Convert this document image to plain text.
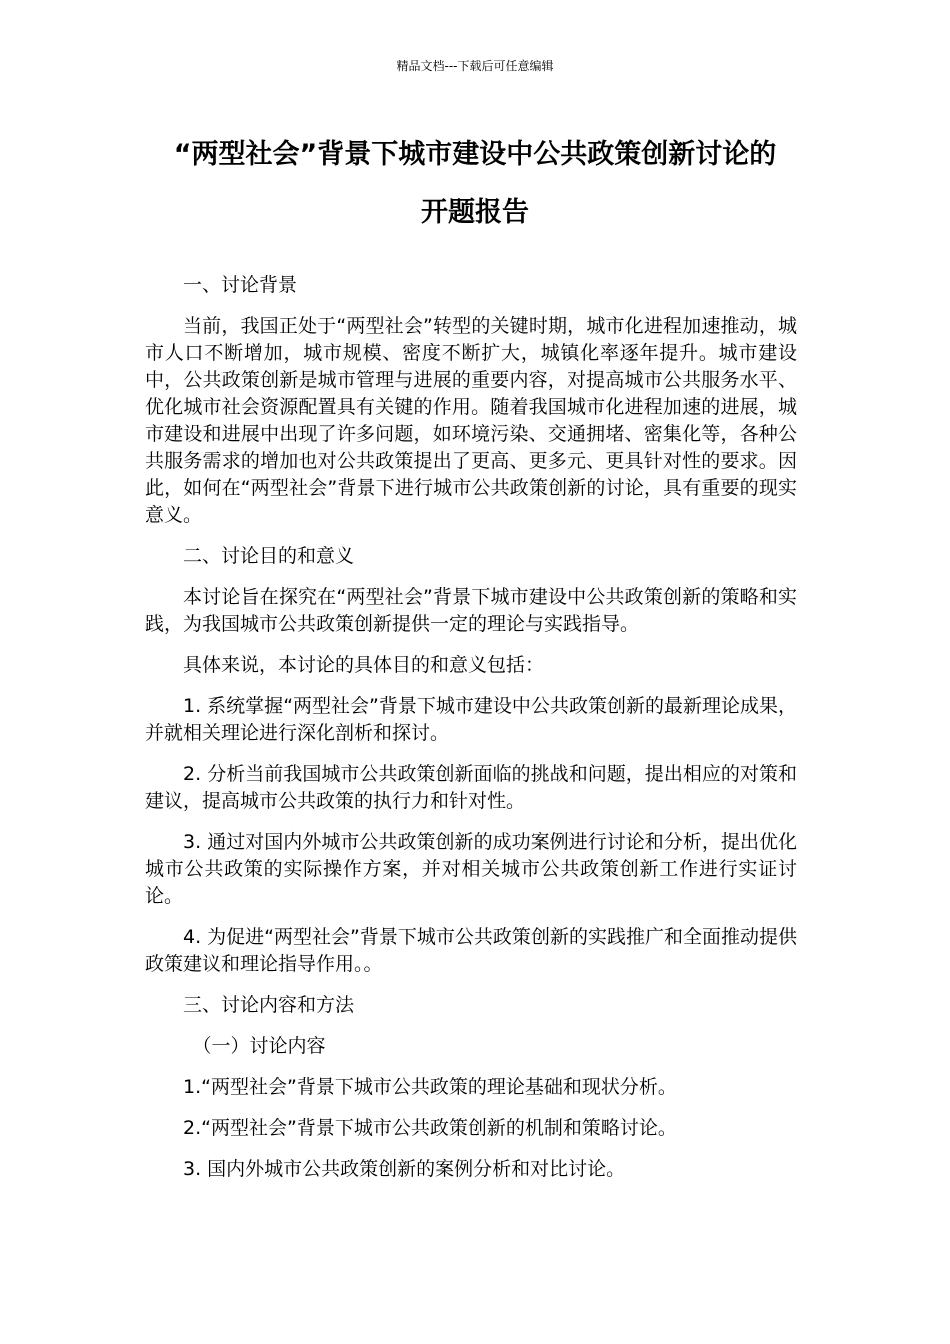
精品文档---下载后可任意编辑
“两型社会”背景下城市建设中公共政策创新讨论的
开题报告

一、讨论背景

当前，我国正处于“两型社会”转型的关键时期，城市化进程加速推动，城市人口不断增加，城市规模、密度不断扩大，城镇化率逐年提升。城市建设中，公共政策创新是城市管理与进展的重要内容，对提高城市公共服务水平、优化城市社会资源配置具有关键的作用。随着我国城市化进程加速的进展，城市建设和进展中出现了许多问题，如环境污染、交通拥堵、密集化等，各种公共服务需求的增加也对公共政策提出了更高、更多元、更具针对性的要求。因此，如何在“两型社会”背景下进行城市公共政策创新的讨论，具有重要的现实意义。

二、讨论目的和意义

本讨论旨在探究在“两型社会”背景下城市建设中公共政策创新的策略和实践，为我国城市公共政策创新提供一定的理论与实践指导。

具体来说，本讨论的具体目的和意义包括：

1. 系统掌握“两型社会”背景下城市建设中公共政策创新的最新理论成果，并就相关理论进行深化剖析和探讨。

2. 分析当前我国城市公共政策创新面临的挑战和问题，提出相应的对策和建议，提高城市公共政策的执行力和针对性。

3. 通过对国内外城市公共政策创新的成功案例进行讨论和分析，提出优化城市公共政策的实际操作方案，并对相关城市公共政策创新工作进行实证讨论。

4. 为促进“两型社会”背景下城市公共政策创新的实践推广和全面推动提供政策建议和理论指导作用。。

三、讨论内容和方法

（一）讨论内容

1.“两型社会”背景下城市公共政策的理论基础和现状分析。

2.“两型社会”背景下城市公共政策创新的机制和策略讨论。

3. 国内外城市公共政策创新的案例分析和对比讨论。
